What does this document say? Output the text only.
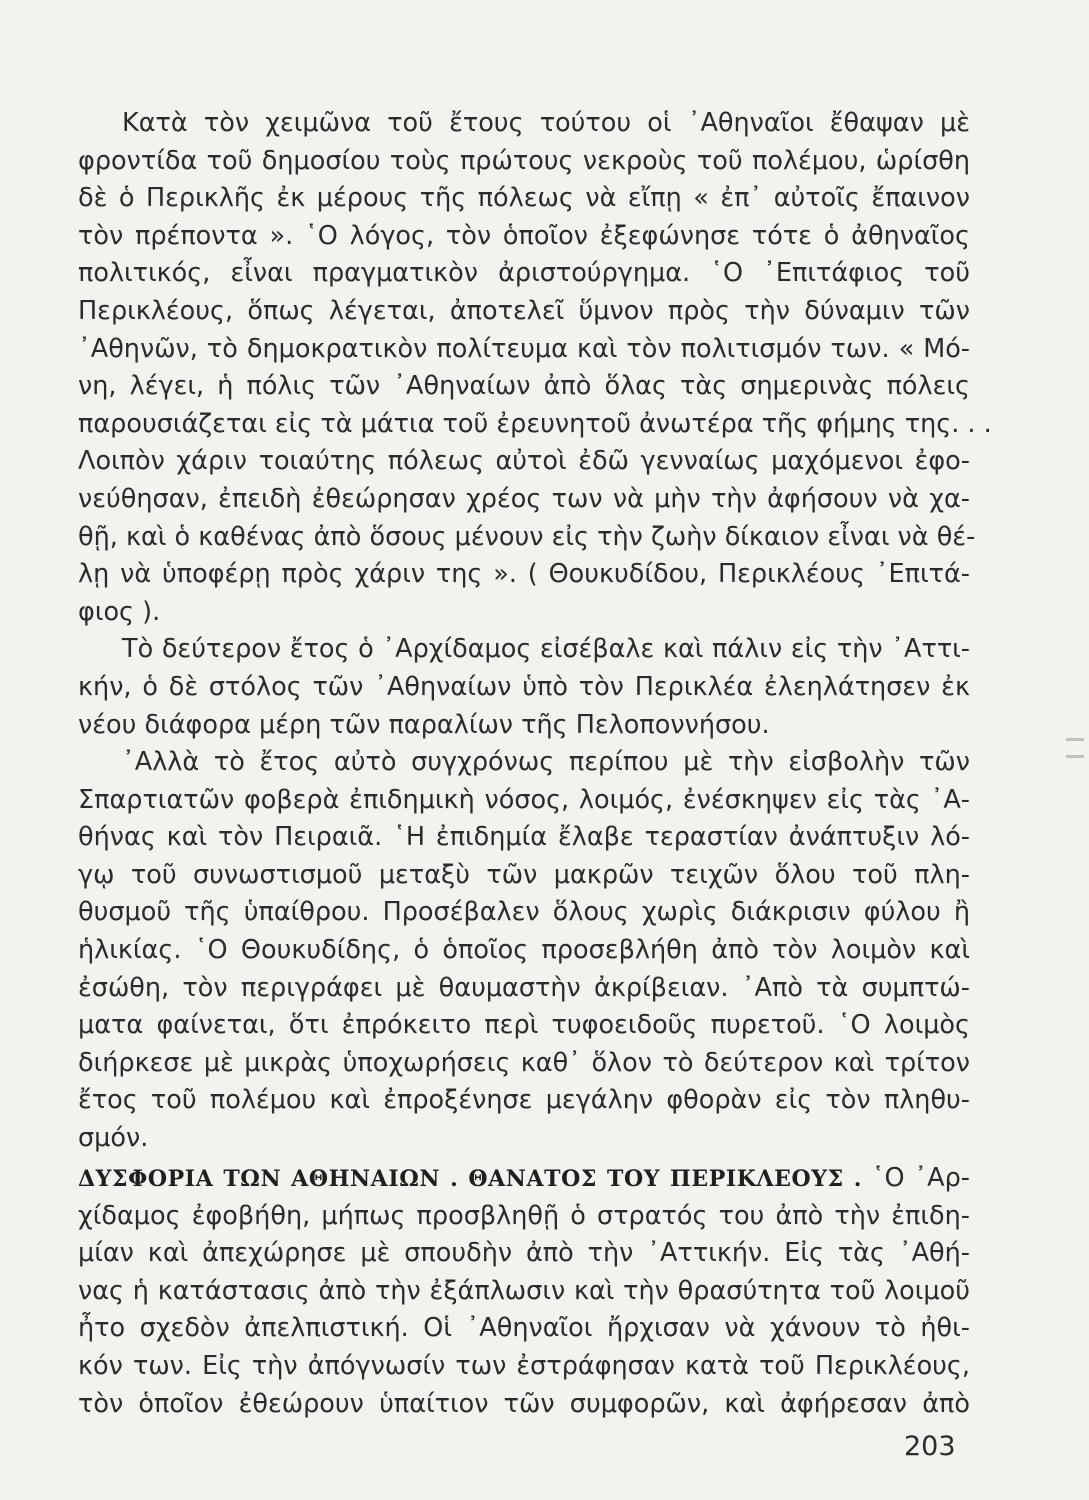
Κατὰ τὸν χειμῶνα τοῦ ἔτους τούτου οἱ ᾿Αθηναῖοι ἔθαψαν μὲ
φροντίδα τοῦ δημοσίου τοὺς πρώτους νεκροὺς τοῦ πολέμου, ὡρίσθη
δὲ ὁ Περικλῆς ἐκ μέρους τῆς πόλεως νὰ εἴπῃ « ἐπ᾿ αὐτοῖς ἔπαινον
τὸν πρέποντα ». ῾Ο λόγος, τὸν ὁποῖον ἐξεφώνησε τότε ὁ ἀθηναῖος
πολιτικός, εἶναι πραγματικὸν ἀριστούργημα. ῾Ο ᾿Επιτάφιος τοῦ
Περικλέους, ὅπως λέγεται, ἀποτελεῖ ὕμνον πρὸς τὴν δύναμιν τῶν
᾿Αθηνῶν, τὸ δημοκρατικὸν πολίτευμα καὶ τὸν πολιτισμόν των. « Μό-
νη, λέγει, ἡ πόλις τῶν ᾿Αθηναίων ἀπὸ ὅλας τὰς σημερινὰς πόλεις
παρουσιάζεται εἰς τὰ μάτια τοῦ ἐρευνητοῦ ἀνωτέρα τῆς φήμης της. . .
Λοιπὸν χάριν τοιαύτης πόλεως αὐτοὶ ἐδῶ γενναίως μαχόμενοι ἐφο-
νεύθησαν, ἐπειδὴ ἐθεώρησαν χρέος των νὰ μὴν τὴν ἀφήσουν νὰ χα-
θῇ, καὶ ὁ καθένας ἀπὸ ὅσους μένουν εἰς τὴν ζωὴν δίκαιον εἶναι νὰ θέ-
λῃ νὰ ὑποφέρῃ πρὸς χάριν της ». ( Θουκυδίδου, Περικλέους ᾿Επιτά-
φιος ).
Τὸ δεύτερον ἔτος ὁ ᾿Αρχίδαμος εἰσέβαλε καὶ πάλιν εἰς τὴν ᾿Αττι-
κήν, ὁ δὲ στόλος τῶν ᾿Αθηναίων ὑπὸ τὸν Περικλέα ἐλεηλάτησεν ἐκ
νέου διάφορα μέρη τῶν παραλίων τῆς Πελοποννήσου.
᾿Αλλὰ τὸ ἔτος αὐτὸ συγχρόνως περίπου μὲ τὴν εἰσβολὴν τῶν
Σπαρτιατῶν φοβερὰ ἐπιδημικὴ νόσος, λοιμός, ἐνέσκηψεν εἰς τὰς ᾿Α-
θήνας καὶ τὸν Πειραιᾶ. ῾Η ἐπιδημία ἔλαβε τεραστίαν ἀνάπτυξιν λό-
γῳ τοῦ συνωστισμοῦ μεταξὺ τῶν μακρῶν τειχῶν ὅλου τοῦ πλη-
θυσμοῦ τῆς ὑπαίθρου. Προσέβαλεν ὅλους χωρὶς διάκρισιν φύλου ἢ
ἡλικίας. ῾Ο Θουκυδίδης, ὁ ὁποῖος προσεβλήθη ἀπὸ τὸν λοιμὸν καὶ
ἐσώθη, τὸν περιγράφει μὲ θαυμαστὴν ἀκρίβειαν. ᾿Απὸ τὰ συμπτώ-
ματα φαίνεται, ὅτι ἐπρόκειτο περὶ τυφοειδοῦς πυρετοῦ. ῾Ο λοιμὸς
διήρκεσε μὲ μικρὰς ὑποχωρήσεις καθ᾿ ὅλον τὸ δεύτερον καὶ τρίτον
ἔτος τοῦ πολέμου καὶ ἐπροξένησε μεγάλην φθορὰν εἰς τὸν πληθυ-
σμόν.
ΔΥΣΦΟΡΙΑ ΤΩΝ ΑΘΗΝΑΙΩΝ . ΘΑΝΑΤΟΣ ΤΟΥ ΠΕΡΙΚΛΕΟΥΣ . ῾Ο ᾿Αρ-
χίδαμος ἐφοβήθη, μήπως προσβληθῇ ὁ στρατός του ἀπὸ τὴν ἐπιδη-
μίαν καὶ ἀπεχώρησε μὲ σπουδὴν ἀπὸ τὴν ᾿Αττικήν. Εἰς τὰς ᾿Αθή-
νας ἡ κατάστασις ἀπὸ τὴν ἐξάπλωσιν καὶ τὴν θρασύτητα τοῦ λοιμοῦ
ἦτο σχεδὸν ἀπελπιστική. Οἱ ᾿Αθηναῖοι ἤρχισαν νὰ χάνουν τὸ ἠθι-
κόν των. Εἰς τὴν ἀπόγνωσίν των ἐστράφησαν κατὰ τοῦ Περικλέους,
τὸν ὁποῖον ἐθεώρουν ὑπαίτιον τῶν συμφορῶν, καὶ ἀφήρεσαν ἀπὸ
203
